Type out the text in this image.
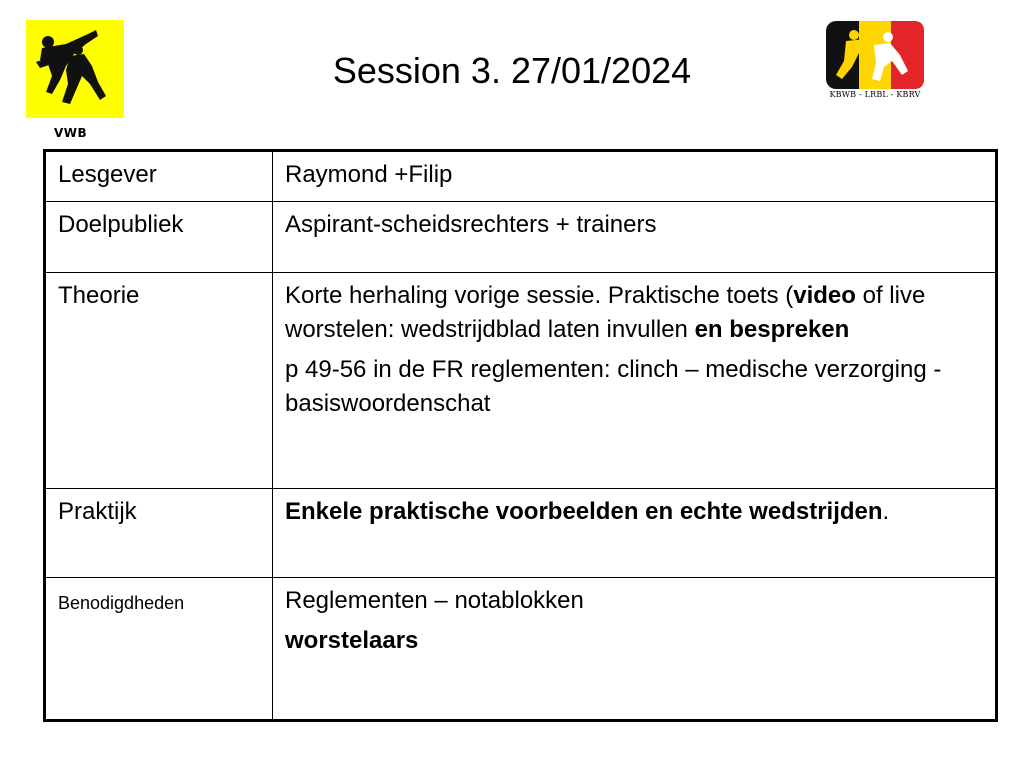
VWB
Session 3. 27/01/2024
KBWB - LRBL - KBRV
Lesgever	Raymond +Filip
Doelpubliek	Aspirant-scheidsrechters + trainers
Theorie	Korte herhaling vorige sessie. Praktische toets (video of live worstelen: wedstrijdblad laten invullen en bespreken

p 49-56 in de FR reglementen: clinch – medische verzorging - basiswoordenschat

Praktijk	Enkele praktische voorbeelden en echte wedstrijden.
Benodigdheden	Reglementen – notablokken

worstelaars
